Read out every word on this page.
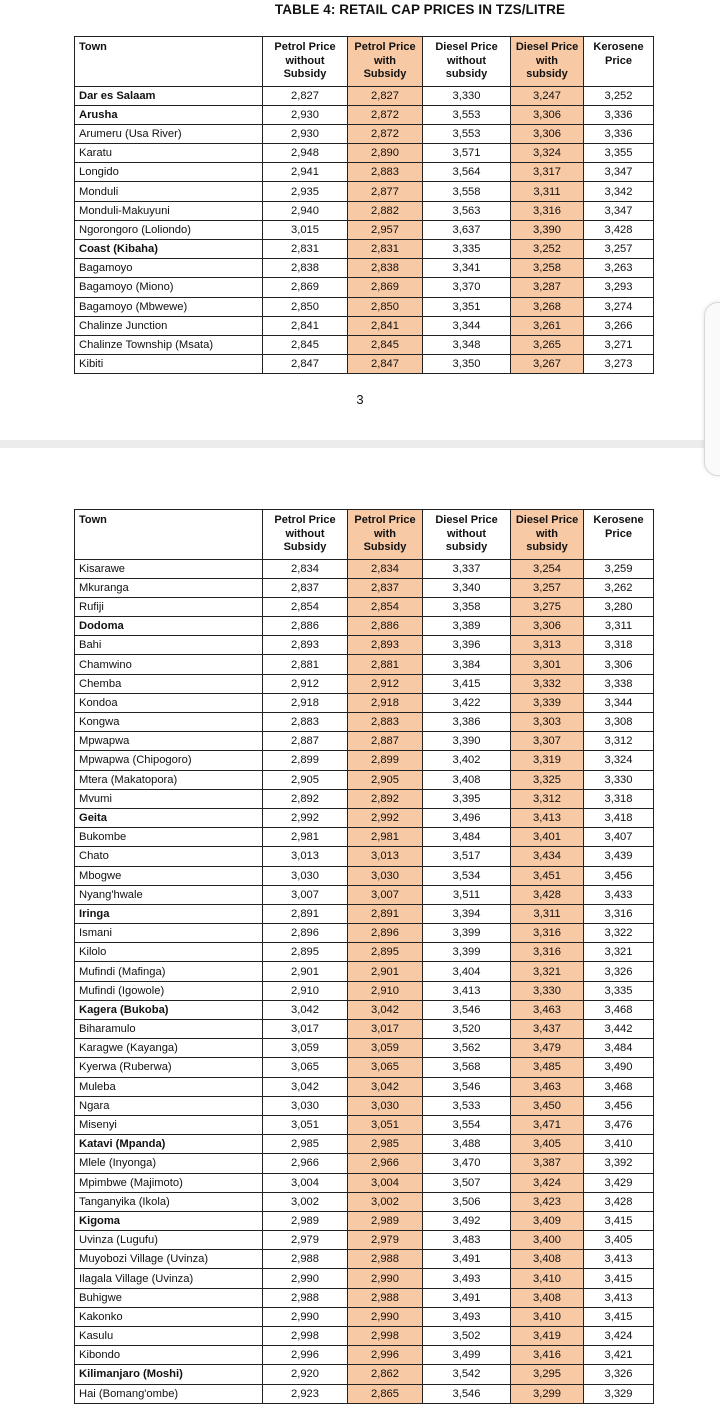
TABLE 4: RETAIL CAP PRICES IN TZS/LITRE
Town	Petrol Price without Subsidy	Petrol Price with Subsidy	Diesel Price without subsidy	Diesel Price with subsidy	Kerosene Price
Dar es Salaam	2,827	2,827	3,330	3,247	3,252
Arusha	2,930	2,872	3,553	3,306	3,336
Arumeru (Usa River)	2,930	2,872	3,553	3,306	3,336
Karatu	2,948	2,890	3,571	3,324	3,355
Longido	2,941	2,883	3,564	3,317	3,347
Monduli	2,935	2,877	3,558	3,311	3,342
Monduli-Makuyuni	2,940	2,882	3,563	3,316	3,347
Ngorongoro (Loliondo)	3,015	2,957	3,637	3,390	3,428
Coast (Kibaha)	2,831	2,831	3,335	3,252	3,257
Bagamoyo	2,838	2,838	3,341	3,258	3,263
Bagamoyo (Miono)	2,869	2,869	3,370	3,287	3,293
Bagamoyo (Mbwewe)	2,850	2,850	3,351	3,268	3,274
Chalinze Junction	2,841	2,841	3,344	3,261	3,266
Chalinze Township (Msata)	2,845	2,845	3,348	3,265	3,271
Kibiti	2,847	2,847	3,350	3,267	3,273
3
Town	Petrol Price without Subsidy	Petrol Price with Subsidy	Diesel Price without subsidy	Diesel Price with subsidy	Kerosene Price
Kisarawe	2,834	2,834	3,337	3,254	3,259
Mkuranga	2,837	2,837	3,340	3,257	3,262
Rufiji	2,854	2,854	3,358	3,275	3,280
Dodoma	2,886	2,886	3,389	3,306	3,311
Bahi	2,893	2,893	3,396	3,313	3,318
Chamwino	2,881	2,881	3,384	3,301	3,306
Chemba	2,912	2,912	3,415	3,332	3,338
Kondoa	2,918	2,918	3,422	3,339	3,344
Kongwa	2,883	2,883	3,386	3,303	3,308
Mpwapwa	2,887	2,887	3,390	3,307	3,312
Mpwapwa (Chipogoro)	2,899	2,899	3,402	3,319	3,324
Mtera (Makatopora)	2,905	2,905	3,408	3,325	3,330
Mvumi	2,892	2,892	3,395	3,312	3,318
Geita	2,992	2,992	3,496	3,413	3,418
Bukombe	2,981	2,981	3,484	3,401	3,407
Chato	3,013	3,013	3,517	3,434	3,439
Mbogwe	3,030	3,030	3,534	3,451	3,456
Nyang'hwale	3,007	3,007	3,511	3,428	3,433
Iringa	2,891	2,891	3,394	3,311	3,316
Ismani	2,896	2,896	3,399	3,316	3,322
Kilolo	2,895	2,895	3,399	3,316	3,321
Mufindi (Mafinga)	2,901	2,901	3,404	3,321	3,326
Mufindi (Igowole)	2,910	2,910	3,413	3,330	3,335
Kagera (Bukoba)	3,042	3,042	3,546	3,463	3,468
Biharamulo	3,017	3,017	3,520	3,437	3,442
Karagwe (Kayanga)	3,059	3,059	3,562	3,479	3,484
Kyerwa (Ruberwa)	3,065	3,065	3,568	3,485	3,490
Muleba	3,042	3,042	3,546	3,463	3,468
Ngara	3,030	3,030	3,533	3,450	3,456
Misenyi	3,051	3,051	3,554	3,471	3,476
Katavi (Mpanda)	2,985	2,985	3,488	3,405	3,410
Mlele (Inyonga)	2,966	2,966	3,470	3,387	3,392
Mpimbwe (Majimoto)	3,004	3,004	3,507	3,424	3,429
Tanganyika (Ikola)	3,002	3,002	3,506	3,423	3,428
Kigoma	2,989	2,989	3,492	3,409	3,415
Uvinza (Lugufu)	2,979	2,979	3,483	3,400	3,405
Muyobozi Village (Uvinza)	2,988	2,988	3,491	3,408	3,413
Ilagala Village (Uvinza)	2,990	2,990	3,493	3,410	3,415
Buhigwe	2,988	2,988	3,491	3,408	3,413
Kakonko	2,990	2,990	3,493	3,410	3,415
Kasulu	2,998	2,998	3,502	3,419	3,424
Kibondo	2,996	2,996	3,499	3,416	3,421
Kilimanjaro (Moshi)	2,920	2,862	3,542	3,295	3,326
Hai (Bomang'ombe)	2,923	2,865	3,546	3,299	3,329
